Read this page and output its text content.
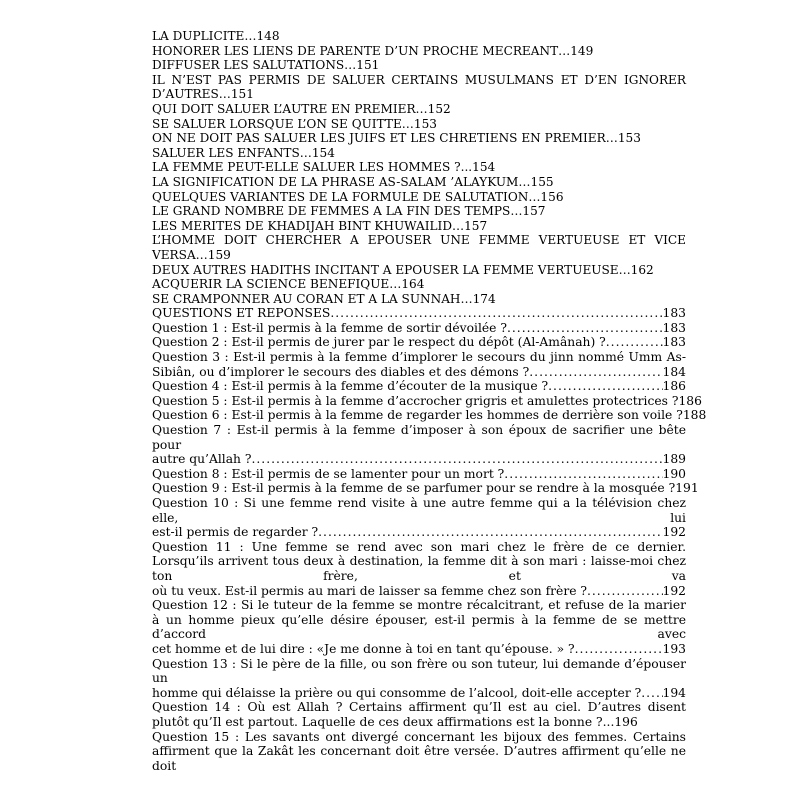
LA DUPLICITE…148

HONORER LES LIENS DE PARENTE D’UN PROCHE MECREANT…149

DIFFUSER LES SALUTATIONS…151

IL N’EST PAS PERMIS DE SALUER CERTAINS MUSULMANS ET D’EN IGNORER D’AUTRES…151

QUI DOIT SALUER L’AUTRE EN PREMIER…152

SE SALUER LORSQUE L’ON SE QUITTE…153

ON NE DOIT PAS SALUER LES JUIFS ET LES CHRETIENS EN PREMIER…153

SALUER LES ENFANTS…154

LA FEMME PEUT-ELLE SALUER LES HOMMES ?...154

LA SIGNIFICATION DE LA PHRASE AS-SALAM ’ALAYKUM…155

QUELQUES VARIANTES DE LA FORMULE DE SALUTATION…156

LE GRAND NOMBRE DE FEMMES A LA FIN DES TEMPS…157

LES MERITES DE KHADIJAH BINT KHUWAILID…157

L’HOMME DOIT CHERCHER A EPOUSER UNE FEMME VERTUEUSE ET VICE VERSA…159

DEUX AUTRES HADITHS INCITANT A EPOUSER LA FEMME VERTUEUSE…162

ACQUERIR LA SCIENCE BENEFIQUE…164

SE CRAMPONNER AU CORAN ET A LA SUNNAH…174

QUESTIONS ET REPONSES .....	183
Question 1 : Est-il permis à la femme de sortir dévoilée ? .....	183
Question 2 : Est-il permis de jurer par le respect du dépôt (Al-Amânah) ? .....	183
Question 3 : Est-il permis à la femme d’implorer le secours du jinn nommé Umm As-
Sibiân, ou d’implorer le secours des diables et des démons ? .....	184
Question 4 : Est-il permis à la femme d’écouter de la musique ? .....	186
Question 5 : Est-il permis à la femme d’accrocher grigris et amulettes protectrices ? 186
Question 6 : Est-il permis à la femme de regarder les hommes de derrière son voile ? 188
Question 7 : Est-il permis à la femme d’imposer à son époux de sacrifier une bête pour
autre qu’Allah ? .....	189
Question 8 : Est-il permis de se lamenter pour un mort ? .....	190
Question 9 : Est-il permis à la femme de se parfumer pour se rendre à la mosquée ? 191
Question 10 : Si une femme rend visite à une autre femme qui a la télévision chez elle, lui
est-il permis de regarder ? .....	192
Question 11 : Une femme se rend avec son mari chez le frère de ce dernier. Lorsqu’ils arrivent tous deux à destination, la femme dit à son mari : laisse-moi chez ton frère, et va
où tu veux. Est-il permis au mari de laisser sa femme chez son frère ? .....	192
Question 12 : Si le tuteur de la femme se montre récalcitrant, et refuse de la marier à un homme pieux qu’elle désire épouser, est-il permis à la femme de se mettre d’accord avec
cet homme et de lui dire : «Je me donne à toi en tant qu’épouse. » ? .....	193
Question 13 : Si le père de la fille, ou son frère ou son tuteur, lui demande d’épouser un
homme qui délaisse la prière ou qui consomme de l’alcool, doit-elle accepter ? ..... 194
Question 14 : Où est Allah ? Certains affirment qu’Il est au ciel. D’autres disent plutôt qu’Il est partout. Laquelle de ces deux affirmations est la bonne ?...196
Question 15 : Les savants ont divergé concernant les bijoux des femmes. Certains affirment que la Zakât les concernant doit être versée. D’autres affirment qu’elle ne doit
